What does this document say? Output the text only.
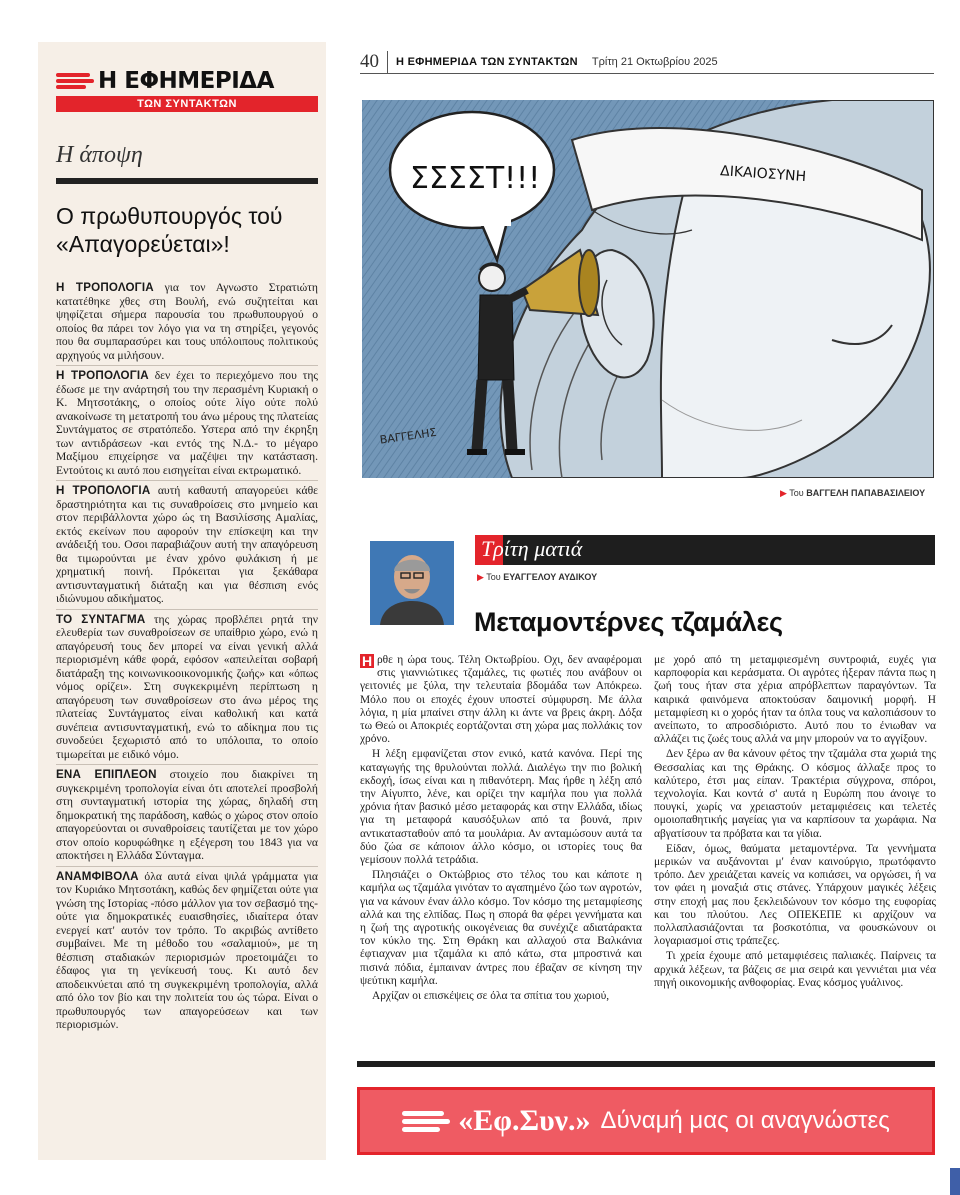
Η ΕΦΗΜΕΡΙΔΑ
ΤΩΝ ΣΥΝΤΑΚΤΩΝ
Η άποψη
Ο πρωθυπουργός τού «Απαγορεύεται»!

Η ΤΡΟΠΟΛΟΓΙΑ για τον Αγνωστο Στρατιώτη κατατέθηκε χθες στη Βουλή, ενώ συζητείται και ψηφίζεται σήμερα παρουσία του πρωθυπουργού ο οποίος θα πάρει τον λόγο για να τη στηρίξει, γεγονός που θα συμπαρασύρει και τους υπόλοιπους πολιτικούς αρχηγούς να μιλήσουν.

Η ΤΡΟΠΟΛΟΓΙΑ δεν έχει το περιεχόμενο που της έδωσε με την ανάρτησή του την περασμένη Κυριακή ο Κ. Μητσοτάκης, ο οποίος ούτε λίγο ούτε πολύ ανακοίνωσε τη μετατροπή του άνω μέρους της πλατείας Συντάγματος σε στρατόπεδο. Υστερα από την έκρηξη των αντιδράσεων -και εντός της Ν.Δ.- το μέγαρο Μαξίμου επιχείρησε να μαζέψει την κατάσταση. Εντούτοις κι αυτό που εισηγείται είναι εκτρωματικό.

Η ΤΡΟΠΟΛΟΓΙΑ αυτή καθαυτή απαγορεύει κάθε δραστηριότητα και τις συναθροίσεις στο μνημείο και στον περιβάλλοντα χώρο ώς τη Βασιλίσσης Αμαλίας, εκτός εκείνων που αφορούν την επίσκεψη και την ανάδειξή του. Οσοι παραβιάζουν αυτή την απαγόρευση θα τιμωρούνται με έναν χρόνο φυλάκιση ή με χρηματική ποινή. Πρόκειται για ξεκάθαρα αντισυνταγματική διάταξη και για θέσπιση ενός ιδιώνυμου αδικήματος.

ΤΟ ΣΥΝΤΑΓΜΑ της χώρας προβλέπει ρητά την ελευθερία των συναθροίσεων σε υπαίθριο χώρο, ενώ η απαγόρευσή τους δεν μπορεί να είναι γενική αλλά περιορισμένη κάθε φορά, εφόσον «απειλείται σοβαρή διατάραξη της κοινωνικοοικονομικής ζωής» και «όπως νόμος ορίζει». Στη συγκεκριμένη περίπτωση η απαγόρευση των συναθροίσεων στο άνω μέρος της πλατείας Συντάγματος είναι καθολική και κατά συνέπεια αντισυνταγματική, ενώ το αδίκημα που τις συνοδεύει ξεχωριστό από το υπόλοιπα, το οποίο τιμωρείται με ειδικό νόμο.

ΕΝΑ ΕΠΙΠΛΕΟΝ στοιχείο που διακρίνει τη συγκεκριμένη τροπολογία είναι ότι αποτελεί προσβολή στη συνταγματική ιστορία της χώρας, δηλαδή στη δημοκρατική της παράδοση, καθώς ο χώρος στον οποίο απαγορεύονται οι συναθροίσεις ταυτίζεται με τον χώρο στον οποίο κορυφώθηκε η εξέγερση του 1843 για να αποκτήσει η Ελλάδα Σύνταγμα.

ΑΝΑΜΦΙΒΟΛΑ όλα αυτά είναι ψιλά γράμματα για τον Κυριάκο Μητσοτάκη, καθώς δεν φημίζεται ούτε για γνώση της Ιστορίας -πόσο μάλλον για τον σεβασμό της- ούτε για δημοκρατικές ευαισθησίες, ιδιαίτερα όταν ενεργεί κατ' αυτόν τον τρόπο. Το ακριβώς αντίθετο συμβαίνει. Με τη μέθοδο του «σαλαμιού», με τη θέσπιση σταδιακών περιορισμών προετοιμάζει το έδαφος για τη γενίκευσή τους. Κι αυτό δεν αποδεικνύεται από τη συγκεκριμένη τροπολογία, αλλά από όλο τον βίο και την πολιτεία του ώς τώρα. Είναι ο πρωθυπουργός των απαγορεύσεων και των περιορισμών.

40	Η ΕΦΗΜΕΡΙΔΑ ΤΩΝ ΣΥΝΤΑΚΤΩΝ Τρίτη 21 Οκτωβρίου 2025
ΔΙΚΑΙΟΣΥΝΗ
ΣΣΣΣΤ!!!
ΒΑΓΓΕΛΗΣ
▶ Του ΒΑΓΓΕΛΗ ΠΑΠΑΒΑΣΙΛΕΙΟΥ
Τρίτη ματιά
▶ Του ΕΥΑΓΓΕΛΟΥ ΑΥΔΙΚΟΥ
Μεταμοντέρνες τζαμάλες

Η ρθε η ώρα τους. Τέλη Οκτωβρίου. Οχι, δεν αναφέρομαι στις γιαννιώτικες τζαμάλες, τις φωτιές που ανάβουν οι γειτονιές με ξύλα, την τελευταία βδομάδα των Απόκρεω. Μόλο που οι εποχές έχουν υποστεί σύμφυρση. Με άλλα λόγια, η μία μπαίνει στην άλλη κι άντε να βρεις άκρη. Δόξα τω Θεώ οι Αποκριές εορτάζονται στη χώρα μας πολλάκις τον χρόνο.

Η λέξη εμφανίζεται στον ενικό, κατά κανόνα. Περί της καταγωγής της θρυλούνται πολλά. Διαλέγω την πιο βολική εκδοχή, ίσως είναι και η πιθανότερη. Μας ήρθε η λέξη από την Αίγυπτο, λένε, και ορίζει την καμήλα που για πολλά χρόνια ήταν βασικό μέσο μεταφοράς και στην Ελλάδα, ιδίως για τη μεταφορά καυσόξυλων από τα βουνά, πριν αντικατασταθούν από τα μουλάρια. Αν ανταμώσουν αυτά τα δύο ζώα σε κάποιον άλλο κόσμο, οι ιστορίες τους θα γεμίσουν πολλά τετράδια.

Πλησιάζει ο Οκτώβριος στο τέλος του και κάποτε η καμήλα ως τζαμάλα γινόταν το αγαπημένο ζώο των αγροτών, για να κάνουν έναν άλλο κόσμο. Τον κόσμο της μεταμφίεσης αλλά και της ελπίδας. Πως η σπορά θα φέρει γεννήματα και η ζωή της αγροτικής οικογένειας θα συνέχιζε αδιατάρακτα τον κύκλο της. Στη Θράκη και αλλαχού στα Βαλκάνια έφτιαχναν μια τζαμάλα κι από κάτω, στα μπροστινά και πισινά πόδια, έμπαιναν άντρες που έβαζαν σε κίνηση την ψεύτικη καμήλα.

Αρχίζαν οι επισκέψεις σε όλα τα σπίτια του χωριού,

με χορό από τη μεταμφιεσμένη συντροφιά, ευχές για καρποφορία και κεράσματα. Οι αγρότες ήξεραν πάντα πως η ζωή τους ήταν στα χέρια απρόβλεπτων παραγόντων. Τα καιρικά φαινόμενα αποκτούσαν δαιμονική μορφή. Η μεταμφίεση κι ο χορός ήταν τα όπλα τους να καλοπιάσουν το ανείπωτο, το απροσδιόριστο. Αυτό που το ένιωθαν να αλλάζει τις ζωές τους αλλά να μην μπορούν να το αγγίξουν.

Δεν ξέρω αν θα κάνουν φέτος την τζαμάλα στα χωριά της Θεσσαλίας και της Θράκης. Ο κόσμος άλλαξε προς το καλύτερο, έτσι μας είπαν. Τρακτέρια σύγχρονα, σπόροι, τεχνολογία. Και κοντά σ' αυτά η Ευρώπη που άνοιγε το πουγκί, χωρίς να χρειαστούν μεταμφιέσεις και τελετές ομοιοπαθητικής μαγείας για να καρπίσουν τα χωράφια. Να αβγατίσουν τα πρόβατα και τα γίδια.

Είδαν, όμως, θαύματα μεταμοντέρνα. Τα γεννήματα μερικών να αυξάνονται μ' έναν καινούργιο, πρωτόφαντο τρόπο. Δεν χρειάζεται κανείς να κοπιάσει, να οργώσει, ή να τον φάει η μοναξιά στις στάνες. Υπάρχουν μαγικές λέξεις στην εποχή μας που ξεκλειδώνουν τον κόσμο της ευφορίας και του πλούτου. Λες ΟΠΕΚΕΠΕ κι αρχίζουν να πολλαπλασιάζονται τα βοσκοτόπια, να φουσκώνουν οι λογαριασμοί στις τράπεζες.

Τι χρεία έχουμε από μεταμφιέσεις παλιακές. Παίρνεις τα αρχικά λέξεων, τα βάζεις σε μια σειρά και γεννιέται μια νέα πηγή οικονομικής ανθοφορίας. Ενας κόσμος γυάλινος.

«Εφ.Συν.» Δύναμή μας οι αναγνώστες
